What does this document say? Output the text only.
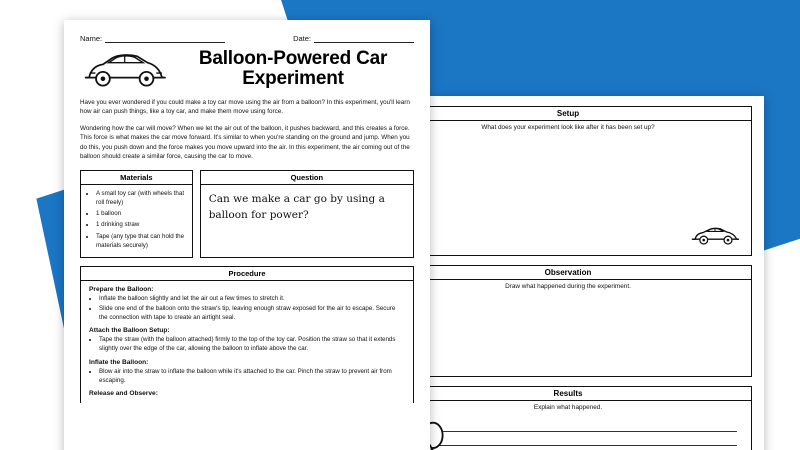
Setup
What does your experiment look like after it has been set up?
Observation
Draw what happened during the experiment.
Results
Explain what happened.
Name:	Date:
Balloon-Powered Car Experiment

Have you ever wondered if you could make a toy car move using the air from a balloon? In this experiment, you'll learn how air can push things, like a toy car, and make them move using force.

Wondering how the car will move? When we let the air out of the balloon, it pushes backward, and this creates a force. This force is what makes the car move forward. It's similar to when you're standing on the ground and jump. When you do this, you push down and the force makes you move upward into the air. In this experiment, the air coming out of the balloon should create a similar force, causing the car to move.

Materials
• A small toy car (with wheels that roll freely)
• 1 balloon
• 1 drinking straw
• Tape (any type that can hold the materials securely)
Question
Can we make a car go by using a balloon for power?
Procedure
Prepare the Balloon:
• Inflate the balloon slightly and let the air out a few times to stretch it.
• Slide one end of the balloon onto the straw's tip, leaving enough straw exposed for the air to escape. Secure the connection with tape to create an airtight seal.
Attach the Balloon Setup:
• Tape the straw (with the balloon attached) firmly to the top of the toy car. Position the straw so that it extends slightly over the edge of the car, allowing the balloon to inflate above the car.
Inflate the Balloon:
• Blow air into the straw to inflate the balloon while it's attached to the car. Pinch the straw to prevent air from escaping.
Release and Observe:
